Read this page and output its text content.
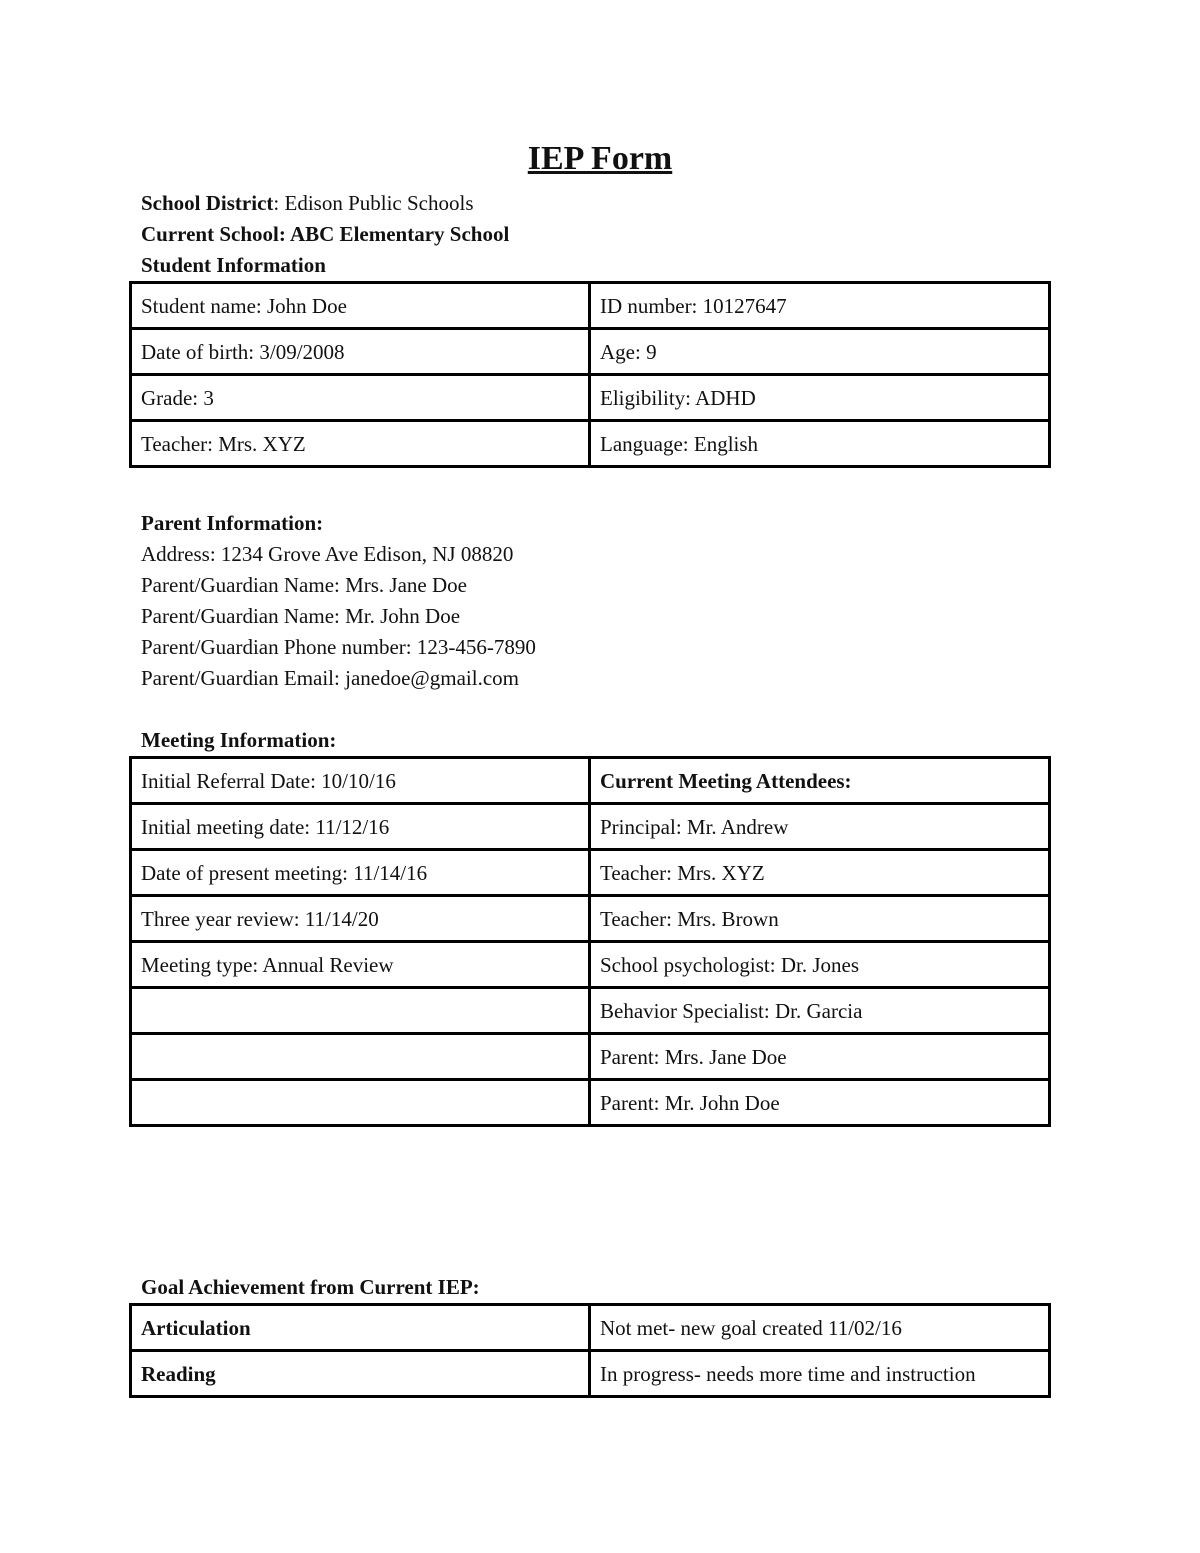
IEP Form
School District: Edison Public Schools
Current School: ABC Elementary School
Student Information
Student name: John Doe	ID number: 10127647
Date of birth: 3/09/2008	Age: 9
Grade: 3	Eligibility: ADHD
Teacher: Mrs. XYZ	Language: English
Parent Information:
Address: 1234 Grove Ave Edison, NJ 08820
Parent/Guardian Name: Mrs. Jane Doe
Parent/Guardian Name: Mr. John Doe
Parent/Guardian Phone number: 123-456-7890
Parent/Guardian Email: janedoe@gmail.com
Meeting Information:
Initial Referral Date: 10/10/16	Current Meeting Attendees:
Initial meeting date: 11/12/16	Principal: Mr. Andrew
Date of present meeting: 11/14/16	Teacher: Mrs. XYZ
Three year review: 11/14/20	Teacher: Mrs. Brown
Meeting type: Annual Review	School psychologist: Dr. Jones
	Behavior Specialist: Dr. Garcia
	Parent: Mrs. Jane Doe
	Parent: Mr. John Doe
Goal Achievement from Current IEP:
Articulation	Not met- new goal created 11/02/16
Reading	In progress- needs more time and instruction
